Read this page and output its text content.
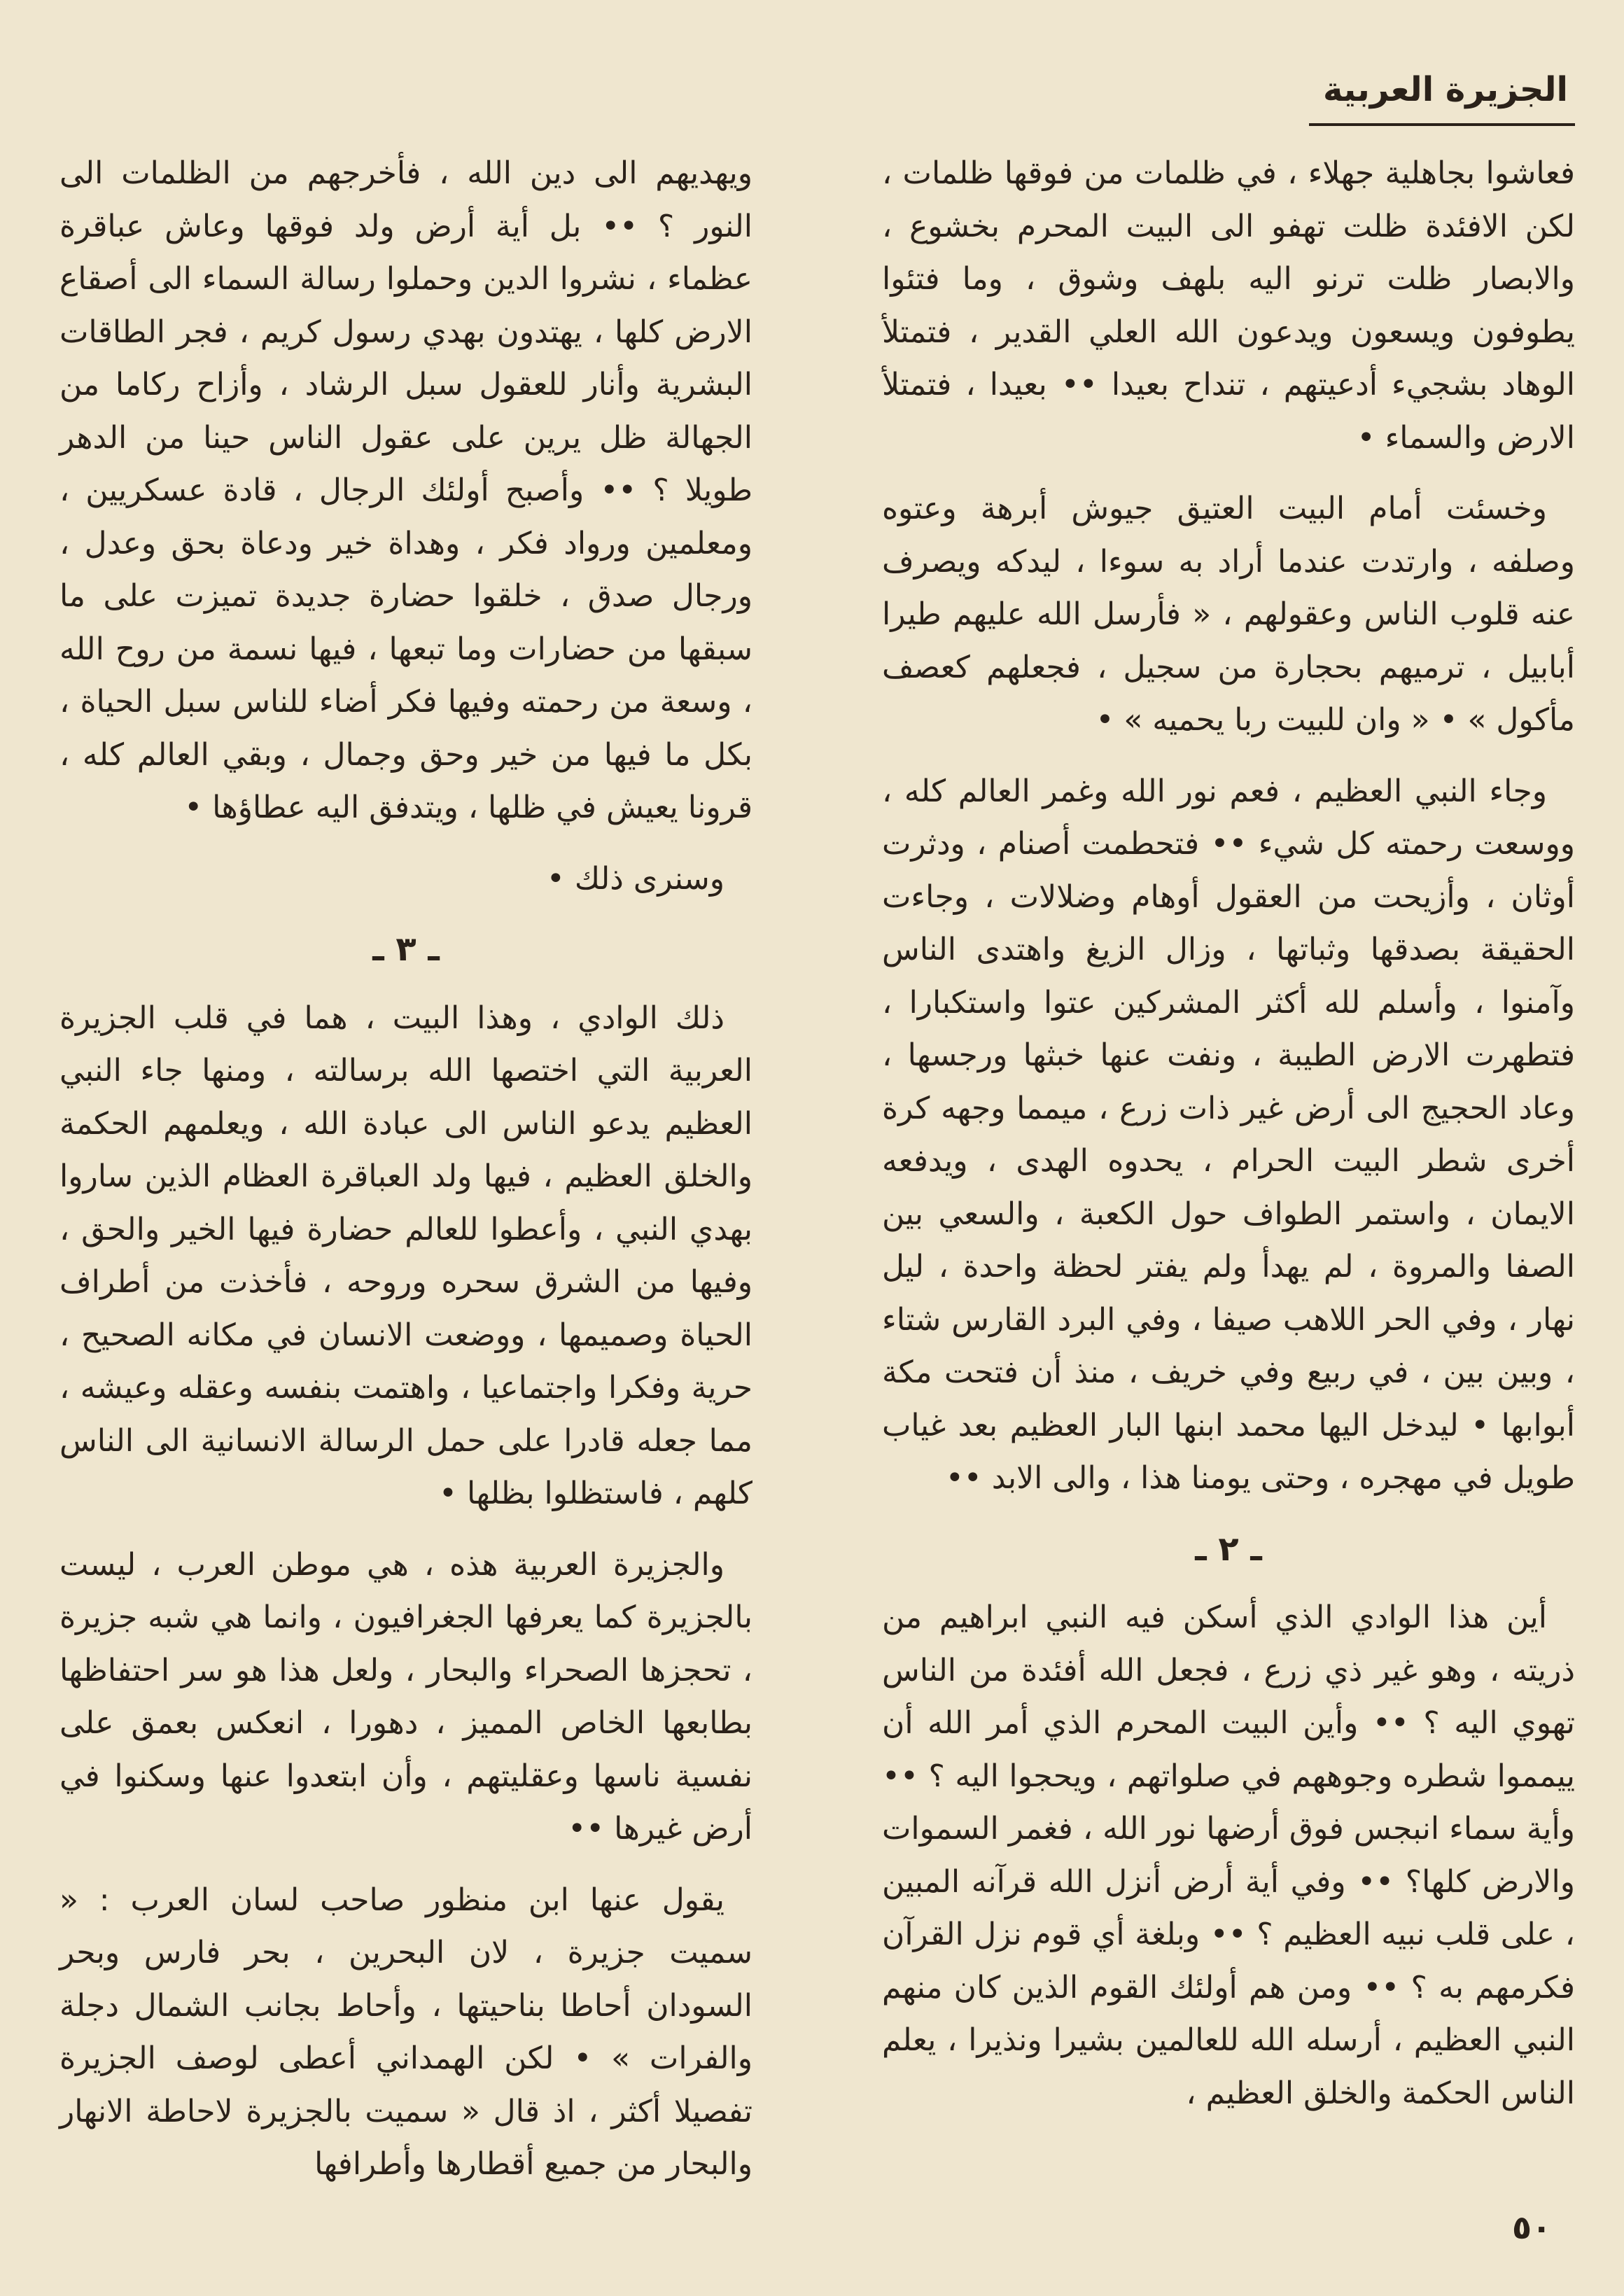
الجزيرة العربية

فعاشوا بجاهلية جهلاء ، في ظلمات من فوقها ظلمات ، لكن الافئدة ظلت تهفو الى البيت المحرم بخشوع ، والابصار ظلت ترنو اليه بلهف وشوق ، وما فتئوا يطوفون ويسعون ويدعون الله العلي القدير ، فتمتلأ الوهاد بشجيء أدعيتهم ، تنداح بعيدا •• بعيدا ، فتمتلأ الارض والسماء •

وخسئت أمام البيت العتيق جيوش أبرهة وعتوه وصلفه ، وارتدت عندما أراد به سوءا ، ليدكه ويصرف عنه قلوب الناس وعقولهم ، « فأرسل الله عليهم طيرا أبابيل ، ترميهم بحجارة من سجيل ، فجعلهم كعصف مأكول » • « وان للبيت ربا يحميه » •

وجاء النبي العظيم ، فعم نور الله وغمر العالم كله ، ووسعت رحمته كل شيء •• فتحطمت أصنام ، ودثرت أوثان ، وأزيحت من العقول أوهام وضلالات ، وجاءت الحقيقة بصدقها وثباتها ، وزال الزيغ واهتدى الناس وآمنوا ، وأسلم لله أكثر المشركين عتوا واستكبارا ، فتطهرت الارض الطيبة ، ونفت عنها خبثها ورجسها ، وعاد الحجيج الى أرض غير ذات زرع ، ميمما وجهه كرة أخرى شطر البيت الحرام ، يحدوه الهدى ، ويدفعه الايمان ، واستمر الطواف حول الكعبة ، والسعي بين الصفا والمروة ، لم يهدأ ولم يفتر لحظة واحدة ، ليل نهار ، وفي الحر اللاهب صيفا ، وفي البرد القارس شتاء ، وبين بين ، في ربيع وفي خريف ، منذ أن فتحت مكة أبوابها • ليدخل اليها محمد ابنها البار العظيم بعد غياب طويل في مهجره ، وحتى يومنا هذا ، والى الابد ••

ـ ٢ ـ

أين هذا الوادي الذي أسكن فيه النبي ابراهيم من ذريته ، وهو غير ذي زرع ، فجعل الله أفئدة من الناس تهوي اليه ؟ •• وأين البيت المحرم الذي أمر الله أن ييمموا شطره وجوههم في صلواتهم ، ويحجوا اليه ؟ •• وأية سماء انبجس فوق أرضها نور الله ، فغمر السموات والارض كلها؟ •• وفي أية أرض أنزل الله قرآنه المبين ، على قلب نبيه العظيم ؟ •• وبلغة أي قوم نزل القرآن فكرمهم به ؟ •• ومن هم أولئك القوم الذين كان منهم النبي العظيم ، أرسله الله للعالمين بشيرا ونذيرا ، يعلم الناس الحكمة والخلق العظيم ،

ويهديهم الى دين الله ، فأخرجهم من الظلمات الى النور ؟ •• بل أية أرض ولد فوقها وعاش عباقرة عظماء ، نشروا الدين وحملوا رسالة السماء الى أصقاع الارض كلها ، يهتدون بهدي رسول كريم ، فجر الطاقات البشرية وأنار للعقول سبل الرشاد ، وأزاح ركاما من الجهالة ظل يرين على عقول الناس حينا من الدهر طويلا ؟ •• وأصبح أولئك الرجال ، قادة عسكريين ، ومعلمين ورواد فكر ، وهداة خير ودعاة بحق وعدل ، ورجال صدق ، خلقوا حضارة جديدة تميزت على ما سبقها من حضارات وما تبعها ، فيها نسمة من روح الله ، وسعة من رحمته وفيها فكر أضاء للناس سبل الحياة ، بكل ما فيها من خير وحق وجمال ، وبقي العالم كله ، قرونا يعيش في ظلها ، ويتدفق اليه عطاؤها •

وسنرى ذلك •

ـ ٣ ـ

ذلك الوادي ، وهذا البيت ، هما في قلب الجزيرة العربية التي اختصها الله برسالته ، ومنها جاء النبي العظيم يدعو الناس الى عبادة الله ، ويعلمهم الحكمة والخلق العظيم ، فيها ولد العباقرة العظام الذين ساروا بهدي النبي ، وأعطوا للعالم حضارة فيها الخير والحق ، وفيها من الشرق سحره وروحه ، فأخذت من أطراف الحياة وصميمها ، ووضعت الانسان في مكانه الصحيح ، حرية وفكرا واجتماعيا ، واهتمت بنفسه وعقله وعيشه ، مما جعله قادرا على حمل الرسالة الانسانية الى الناس كلهم ، فاستظلوا بظلها •

والجزيرة العربية هذه ، هي موطن العرب ، ليست بالجزيرة كما يعرفها الجغرافيون ، وانما هي شبه جزيرة ، تحجزها الصحراء والبحار ، ولعل هذا هو سر احتفاظها بطابعها الخاص المميز ، دهورا ، انعكس بعمق على نفسية ناسها وعقليتهم ، وأن ابتعدوا عنها وسكنوا في أرض غيرها ••

يقول عنها ابن منظور صاحب لسان العرب : « سميت جزيرة ، لان البحرين ، بحر فارس وبحر السودان أحاطا بناحيتها ، وأحاط بجانب الشمال دجلة والفرات » • لكن الهمداني أعطى لوصف الجزيرة تفصيلا أكثر ، اذ قال « سميت بالجزيرة لاحاطة الانهار والبحار من جميع أقطارها وأطرافها

٥٠
